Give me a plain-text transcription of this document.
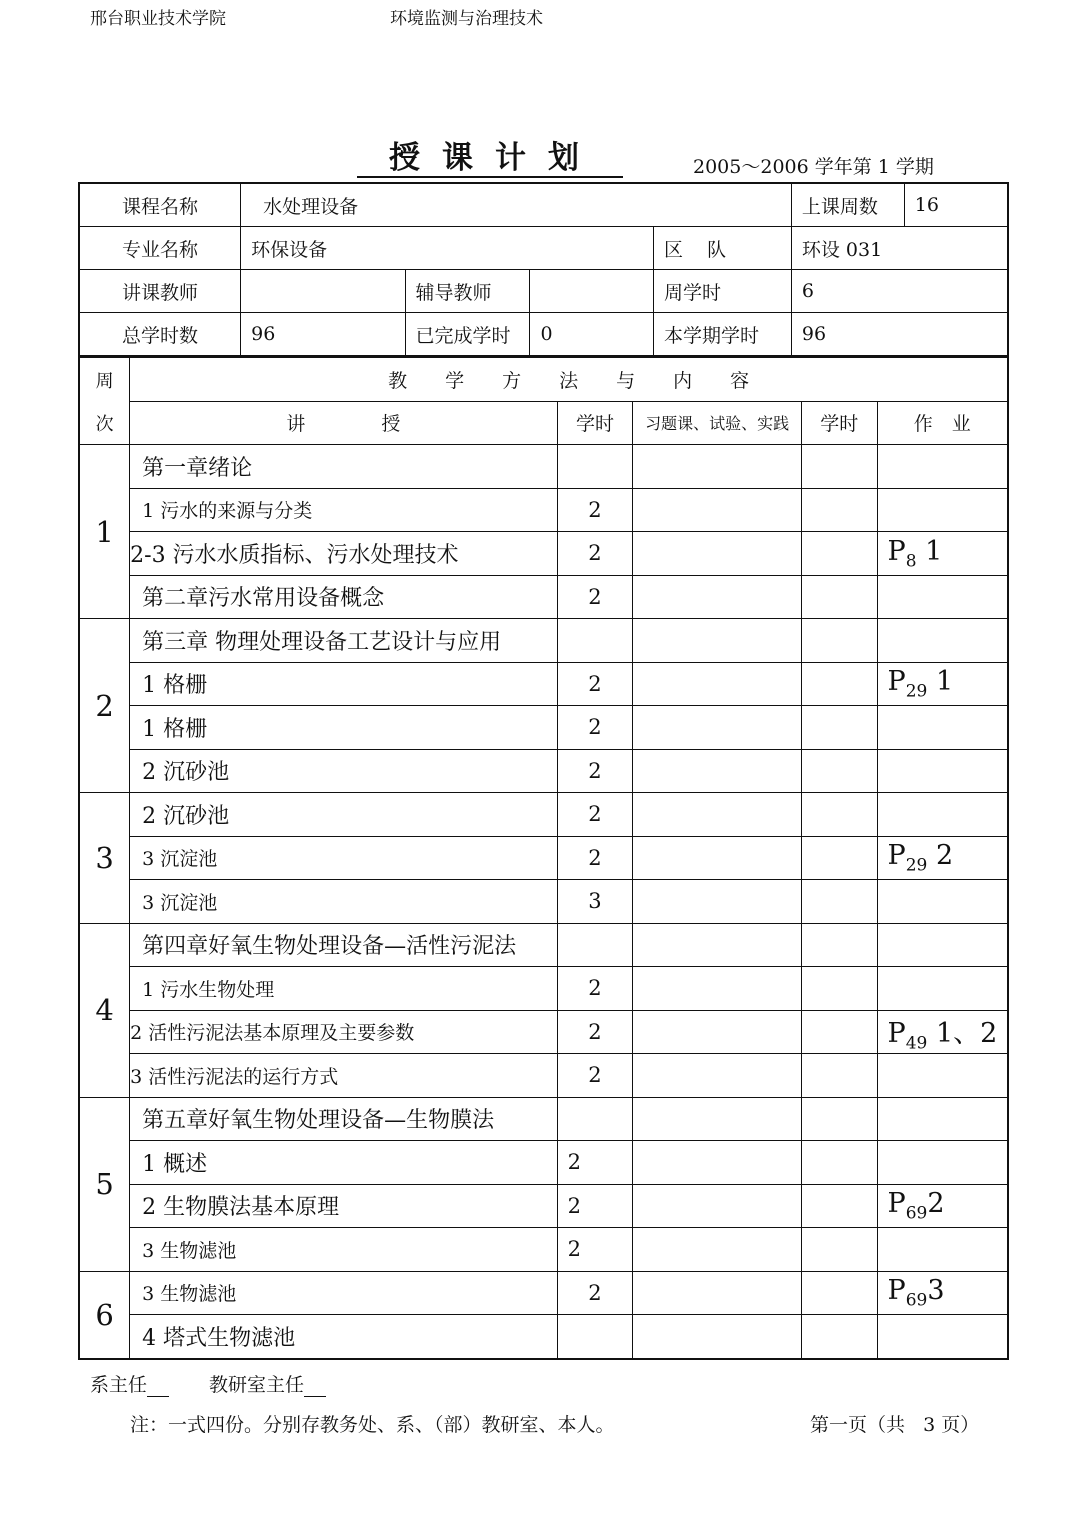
邢台职业技术学院	环境监测与治理技术
授课计划	2005～2006 学年第 1 学期
课程名称	水处理设备				上课周数	16
专业名称	环保设备			区    队	环设 031	
讲课教师		辅导教师		周学时	6	
总学时数	96	已完成学时	0	本学期学时	96	
周	教　　学　　方　　法　　与　　内　　容				
次	讲　　　　授	学时	习题课、试验、实践	学时	作　业
1	第一章绪论				
	1 污水的来源与分类	2			
	2-3 污水水质指标、污水处理技术	2			$P_8$ 1
	第二章污水常用设备概念	2			
2	第三章 物理处理设备工艺设计与应用				
	1 格栅	2			$P_{29}$ 1
	1 格栅	2			
	2 沉砂池	2			
3	2 沉砂池	2			
	3 沉淀池	2			$P_{29}$ 2
	3 沉淀池	3			
4	第四章好氧生物处理设备—活性污泥法				
	1 污水生物处理	2			
	2 活性污泥法基本原理及主要参数	2			$P_{49}$ 1、2
	3 活性污泥法的运行方式	2			
5	第五章好氧生物处理设备—生物膜法				
	1 概述	2			
	2 生物膜法基本原理	2			$P_{69}2$
	3 生物滤池	2			
6	3 生物滤池	2			$P_{69}3$
	4 塔式生物滤池				
系主任	教研室主任
注：一式四份。分别存教务处、系、（部）教研室、本人。	第一页（共   3 页）
